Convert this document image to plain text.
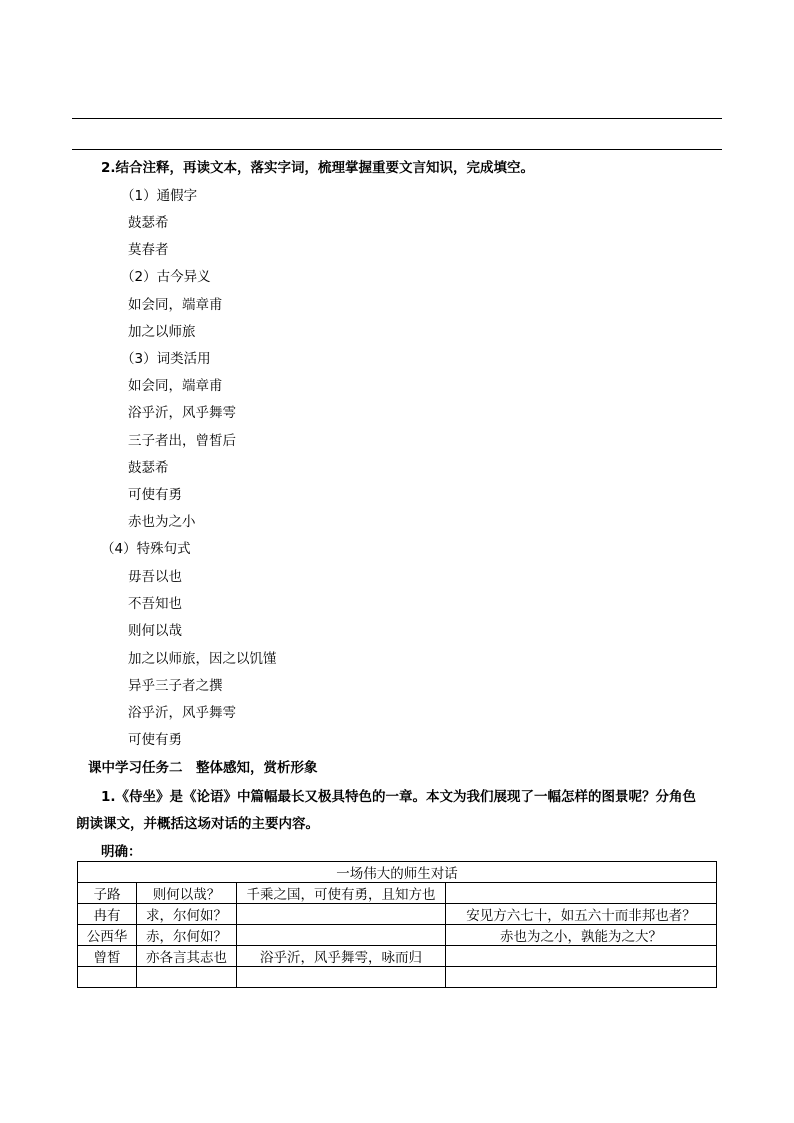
2.结合注释，再读文本，落实字词，梳理掌握重要文言知识，完成填空。
（1）通假字
鼓瑟希
莫春者
（2）古今异义
如会同，端章甫
加之以师旅
（3）词类活用
如会同，端章甫
浴乎沂，风乎舞雩
三子者出，曾皙后
鼓瑟希
可使有勇
赤也为之小
（4）特殊句式
毋吾以也
不吾知也
则何以哉
加之以师旅，因之以饥馑
异乎三子者之撰
浴乎沂，风乎舞雩
可使有勇
课中学习任务二　整体感知，赏析形象
1.《侍坐》是《论语》中篇幅最长又极具特色的一章。本文为我们展现了一幅怎样的图景呢？分角色
朗读课文，并概括这场对话的主要内容。
明确：
一场伟大的师生对话			
子路	则何以哉？	千乘之国，可使有勇，且知方也	
冉有	求，尔何如？		安见方六七十，如五六十而非邦也者？
公西华	赤，尔何如？		赤也为之小，孰能为之大？
曾皙	亦各言其志也	浴乎沂，风乎舞雩，咏而归	
